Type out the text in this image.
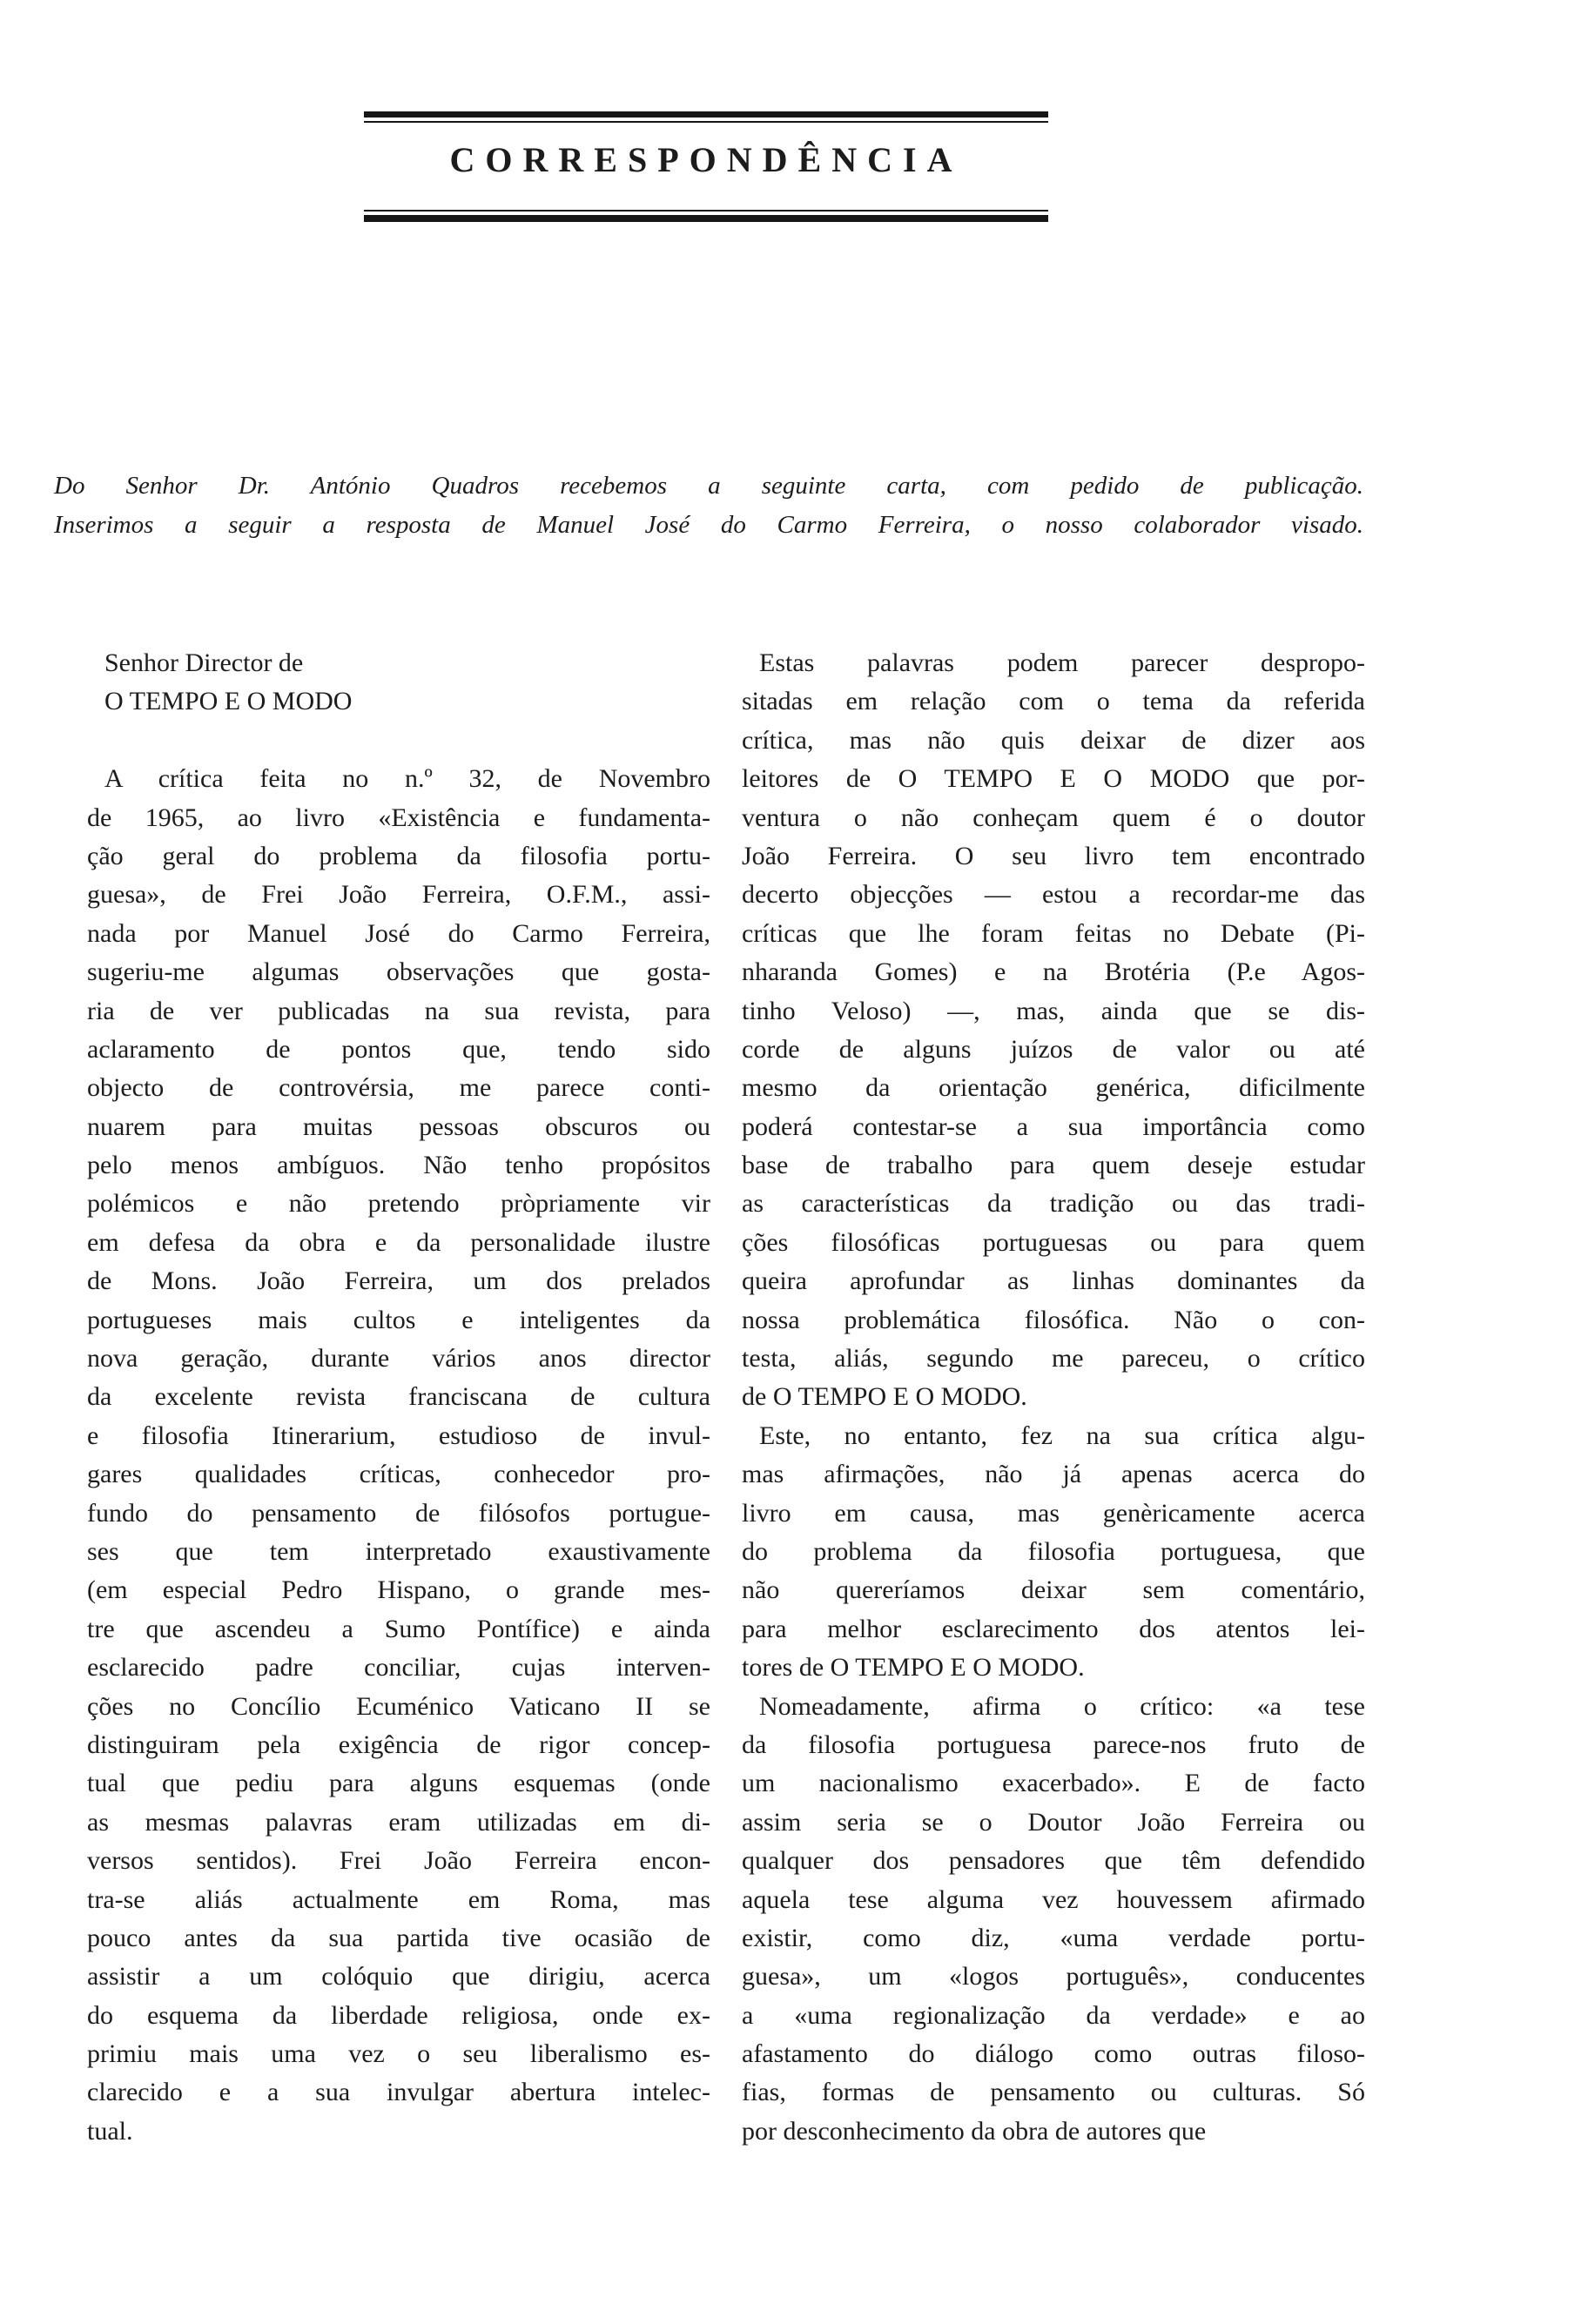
CORRESPONDÊNCIA
Do Senhor Dr. António Quadros recebemos a seguinte carta, com pedido de publicação.
Inserimos a seguir a resposta de Manuel José do Carmo Ferreira, o nosso colaborador visado.
Senhor Director de
O TEMPO E O MODO
A crítica feita no n.º 32, de Novembro
de 1965, ao livro «Existência e fundamenta-
ção geral do problema da filosofia portu-
guesa», de Frei João Ferreira, O.F.M., assi-
nada por Manuel José do Carmo Ferreira,
sugeriu-me algumas observações que gosta-
ria de ver publicadas na sua revista, para
aclaramento de pontos que, tendo sido
objecto de controvérsia, me parece conti-
nuarem para muitas pessoas obscuros ou
pelo menos ambíguos. Não tenho propósitos
polémicos e não pretendo pròpriamente vir
em defesa da obra e da personalidade ilustre
de Mons. João Ferreira, um dos prelados
portugueses mais cultos e inteligentes da
nova geração, durante vários anos director
da excelente revista franciscana de cultura
e filosofia Itinerarium, estudioso de invul-
gares qualidades críticas, conhecedor pro-
fundo do pensamento de filósofos portugue-
ses que tem interpretado exaustivamente
(em especial Pedro Hispano, o grande mes-
tre que ascendeu a Sumo Pontífice) e ainda
esclarecido padre conciliar, cujas interven-
ções no Concílio Ecuménico Vaticano II se
distinguiram pela exigência de rigor concep-
tual que pediu para alguns esquemas (onde
as mesmas palavras eram utilizadas em di-
versos sentidos). Frei João Ferreira encon-
tra-se aliás actualmente em Roma, mas
pouco antes da sua partida tive ocasião de
assistir a um colóquio que dirigiu, acerca
do esquema da liberdade religiosa, onde ex-
primiu mais uma vez o seu liberalismo es-
clarecido e a sua invulgar abertura intelec-
tual.
Estas palavras podem parecer despropo-
sitadas em relação com o tema da referida
crítica, mas não quis deixar de dizer aos
leitores de O TEMPO E O MODO que por-
ventura o não conheçam quem é o doutor
João Ferreira. O seu livro tem encontrado
decerto objecções — estou a recordar-me das
críticas que lhe foram feitas no Debate (Pi-
nharanda Gomes) e na Brotéria (P.e Agos-
tinho Veloso) —, mas, ainda que se dis-
corde de alguns juízos de valor ou até
mesmo da orientação genérica, dificilmente
poderá contestar-se a sua importância como
base de trabalho para quem deseje estudar
as características da tradição ou das tradi-
ções filosóficas portuguesas ou para quem
queira aprofundar as linhas dominantes da
nossa problemática filosófica. Não o con-
testa, aliás, segundo me pareceu, o crítico
de O TEMPO E O MODO.
Este, no entanto, fez na sua crítica algu-
mas afirmações, não já apenas acerca do
livro em causa, mas genèricamente acerca
do problema da filosofia portuguesa, que
não quereríamos deixar sem comentário,
para melhor esclarecimento dos atentos lei-
tores de O TEMPO E O MODO.
Nomeadamente, afirma o crítico: «a tese
da filosofia portuguesa parece-nos fruto de
um nacionalismo exacerbado». E de facto
assim seria se o Doutor João Ferreira ou
qualquer dos pensadores que têm defendido
aquela tese alguma vez houvessem afirmado
existir, como diz, «uma verdade portu-
guesa», um «logos português», conducentes
a «uma regionalização da verdade» e ao
afastamento do diálogo como outras filoso-
fias, formas de pensamento ou culturas. Só
por desconhecimento da obra de autores que
